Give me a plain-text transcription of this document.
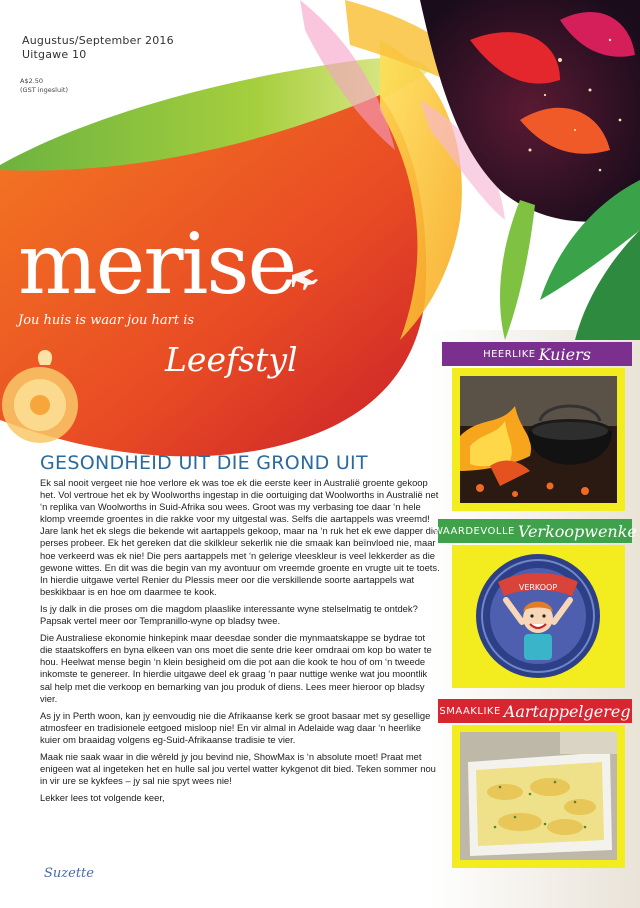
Augustus/September 2016
Uitgawe 10
A$2.50
(GST ingesluit)
merise
Jou huis is waar jou hart is
Leefstyl
GESONDHEID UIT DIE GROND UIT

Ek sal nooit vergeet nie hoe verlore ek was toe ek die eerste keer in Australië groente gekoop het. Vol vertroue het ek by Woolworths ingestap in die oortuiging dat Woolworths in Australië net ‘n replika van Woolworths in Suid-Afrika sou wees. Groot was my verbasing toe daar ‘n hele klomp vreemde groentes in die rakke voor my uitgestal was. Selfs die aartappels was vreemd! Jare lank het ek slegs die bekende wit aartappels gekoop, maar na ‘n ruk het ek ewe dapper die perses probeer. Ek het gereken dat die skilkleur sekerlik nie die smaak kan beïnvloed nie, maar hoe verkeerd was ek nie! Die pers aartappels met ‘n gelerige vleeskleur is veel lekkerder as die gewone wittes. En dit was die begin van my avontuur om vreemde groente en vrugte uit te toets. In hierdie uitgawe vertel Renier du Plessis meer oor die verskillende soorte aartappels wat beskikbaar is en hoe om daarmee te kook.

Is jy dalk in die proses om die magdom plaaslike interessante wyne stelselmatig te ontdek? Papsak vertel meer oor Tempranillo-wyne op bladsy twee.

Die Australiese ekonomie hinkepink maar deesdae sonder die mynmaatskappe se bydrae tot die staatskoffers en byna elkeen van ons moet die sente drie keer omdraai om kop bo water te hou. Heelwat mense begin ‘n klein besigheid om die pot aan die kook te hou of om ‘n tweede inkomste te genereer. In hierdie uitgawe deel ek graag ‘n paar nuttige wenke wat jou moontlik sal help met die verkoop en bemarking van jou produk of diens. Lees meer hieroor op bladsy vier.

As jy in Perth woon, kan jy eenvoudig nie die Afrikaanse kerk se groot basaar met sy gesellige atmosfeer en tradisionele eetgoed misloop nie! En vir almal in Adelaide wag daar ‘n heerlike kuier om braaidag volgens eg-Suid-Afrikaanse tradisie te vier.

Maak nie saak waar in die wêreld jy jou bevind nie, ShowMax is ‘n absolute moet! Praat met enigeen wat al ingeteken het en hulle sal jou vertel watter kykgenot dit bied. Teken sommer nou in vir ure se kykfees – jy sal nie spyt wees nie!

Lekker lees tot volgende keer,

Suzette
HEERLIKE Kuiers
WAARDEVOLLE Verkoopwenke
VERKOOP
SMAAKLIKE Aartappelgereg
